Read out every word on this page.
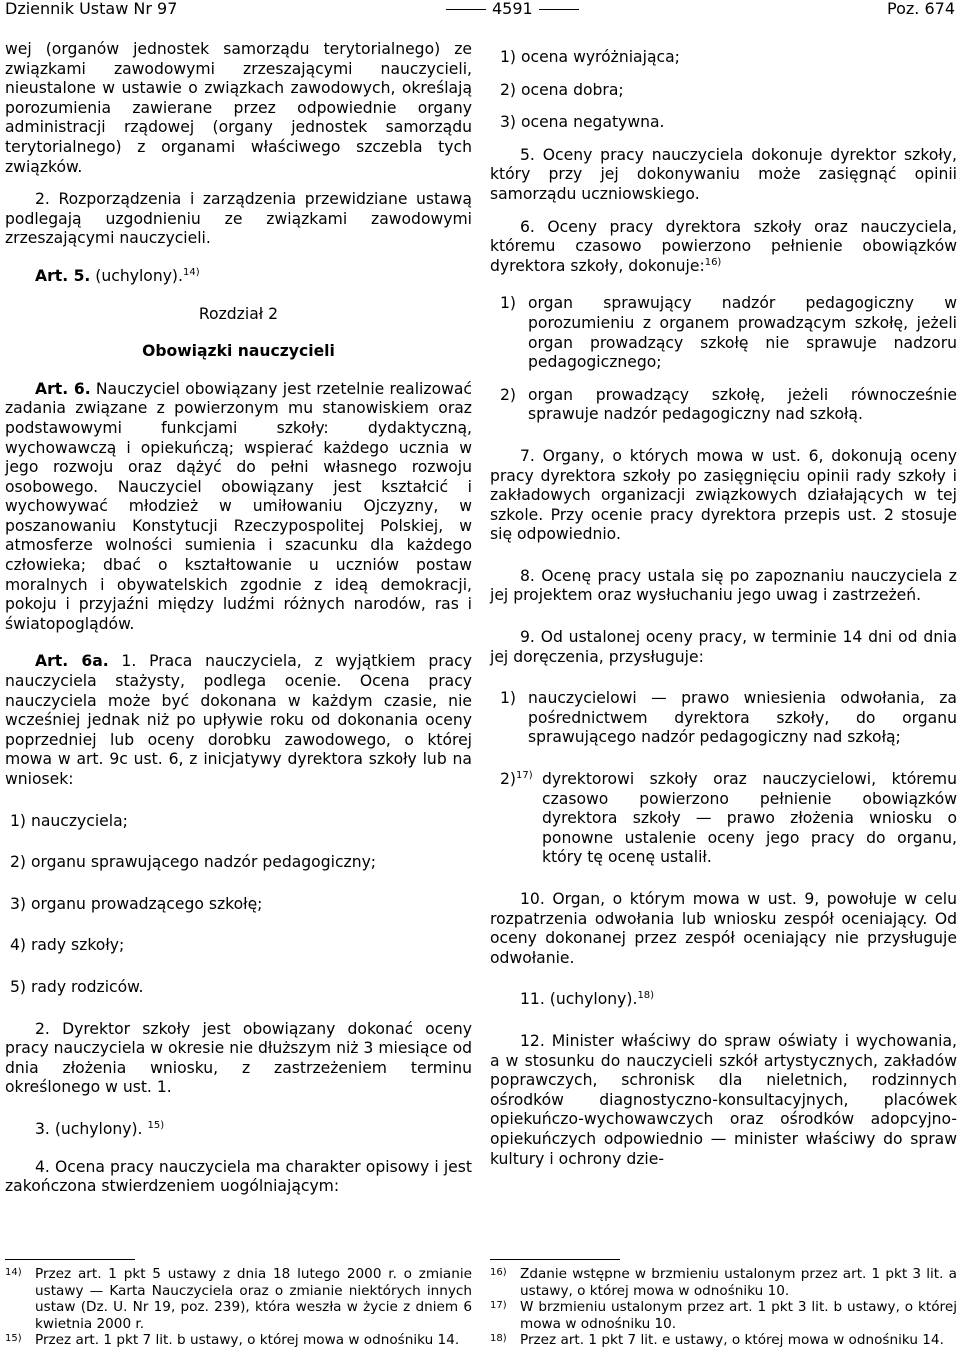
Dziennik Ustaw Nr 97	4591	Poz. 674

wej (organów jednostek samorządu terytorialnego) ze związkami zawodowymi zrzeszającymi nauczycieli, nieustalone w ustawie o związkach zawodowych, określają porozumienia zawierane przez odpowiednie organy administracji rządowej (organy jednostek samorządu terytorialnego) z organami właściwego szczebla tych związków.

2. Rozporządzenia i zarządzenia przewidziane ustawą podlegają uzgodnieniu ze związkami zawodowymi zrzeszającymi nauczycieli.

Art. 5. (uchylony).$^{14)}$

Rozdział 2

Obowiązki nauczycieli

Art. 6. Nauczyciel obowiązany jest rzetelnie realizować zadania związane z powierzonym mu stanowiskiem oraz podstawowymi funkcjami szkoły: dydaktyczną, wychowawczą i opiekuńczą; wspierać każdego ucznia w jego rozwoju oraz dążyć do pełni własnego rozwoju osobowego. Nauczyciel obowiązany jest kształcić i wychowywać młodzież w umiłowaniu Ojczyzny, w poszanowaniu Konstytucji Rzeczypospolitej Polskiej, w atmosferze wolności sumienia i szacunku dla każdego człowieka; dbać o kształtowanie u uczniów postaw moralnych i obywatelskich zgodnie z ideą demokracji, pokoju i przyjaźni między ludźmi różnych narodów, ras i światopoglądów.

Art. 6a. 1. Praca nauczyciela, z wyjątkiem pracy nauczyciela stażysty, podlega ocenie. Ocena pracy nauczyciela może być dokonana w każdym czasie, nie wcześniej jednak niż po upływie roku od dokonania oceny poprzedniej lub oceny dorobku zawodowego, o której mowa w art. 9c ust. 6, z inicjatywy dyrektora szkoły lub na wniosek:

1) nauczyciela;

2) organu sprawującego nadzór pedagogiczny;

3) organu prowadzącego szkołę;

4) rady szkoły;

5) rady rodziców.

2. Dyrektor szkoły jest obowiązany dokonać oceny pracy nauczyciela w okresie nie dłuższym niż 3 miesiące od dnia złożenia wniosku, z zastrzeżeniem terminu określonego w ust. 1.

3. (uchylony). $^{15)}$

4. Ocena pracy nauczyciela ma charakter opisowy i jest zakończona stwierdzeniem uogólniającym:

14) Przez art. 1 pkt 5 ustawy z dnia 18 lutego 2000 r. o zmianie ustawy — Karta Nauczyciela oraz o zmianie niektórych innych ustaw (Dz. U. Nr 19, poz. 239), która weszła w życie z dniem 6 kwietnia 2000 r.
15) Przez art. 1 pkt 7 lit. b ustawy, o której mowa w odnośniku 14.

1) ocena wyróżniająca;

2) ocena dobra;

3) ocena negatywna.

5. Oceny pracy nauczyciela dokonuje dyrektor szkoły, który przy jej dokonywaniu może zasięgnąć opinii samorządu uczniowskiego.

6. Oceny pracy dyrektora szkoły oraz nauczyciela, któremu czasowo powierzono pełnienie obowiązków dyrektora szkoły, dokonuje:$^{16)}$

1) organ sprawujący nadzór pedagogiczny w porozumieniu z organem prowadzącym szkołę, jeżeli organ prowadzący szkołę nie sprawuje nadzoru pedagogicznego;
2) organ prowadzący szkołę, jeżeli równocześnie sprawuje nadzór pedagogiczny nad szkołą.

7. Organy, o których mowa w ust. 6, dokonują oceny pracy dyrektora szkoły po zasięgnięciu opinii rady szkoły i zakładowych organizacji związkowych działających w tej szkole. Przy ocenie pracy dyrektora przepis ust. 2 stosuje się odpowiednio.

8. Ocenę pracy ustala się po zapoznaniu nauczyciela z jej projektem oraz wysłuchaniu jego uwag i zastrzeżeń.

9. Od ustalonej oceny pracy, w terminie 14 dni od dnia jej doręczenia, przysługuje:

1) nauczycielowi — prawo wniesienia odwołania, za pośrednictwem dyrektora szkoły, do organu sprawującego nadzór pedagogiczny nad szkołą;
2)$^{17)}$ dyrektorowi szkoły oraz nauczycielowi, któremu czasowo powierzono pełnienie obowiązków dyrektora szkoły — prawo złożenia wniosku o ponowne ustalenie oceny jego pracy do organu, który tę ocenę ustalił.

10. Organ, o którym mowa w ust. 9, powołuje w celu rozpatrzenia odwołania lub wniosku zespół oceniający. Od oceny dokonanej przez zespół oceniający nie przysługuje odwołanie.

11. (uchylony).$^{18)}$

12. Minister właściwy do spraw oświaty i wychowania, a w stosunku do nauczycieli szkół artystycznych, zakładów poprawczych, schronisk dla nieletnich, rodzinnych ośrodków diagnostyczno-konsultacyjnych, placówek opiekuńczo-wychowawczych oraz ośrodków adopcyjno-opiekuńczych odpowiednio — minister właściwy do spraw kultury i ochrony dzie-

16) Zdanie wstępne w brzmieniu ustalonym przez art. 1 pkt 3 lit. a ustawy, o której mowa w odnośniku 10.
17) W brzmieniu ustalonym przez art. 1 pkt 3 lit. b ustawy, o której mowa w odnośniku 10.
18) Przez art. 1 pkt 7 lit. e ustawy, o której mowa w odnośniku 14.
